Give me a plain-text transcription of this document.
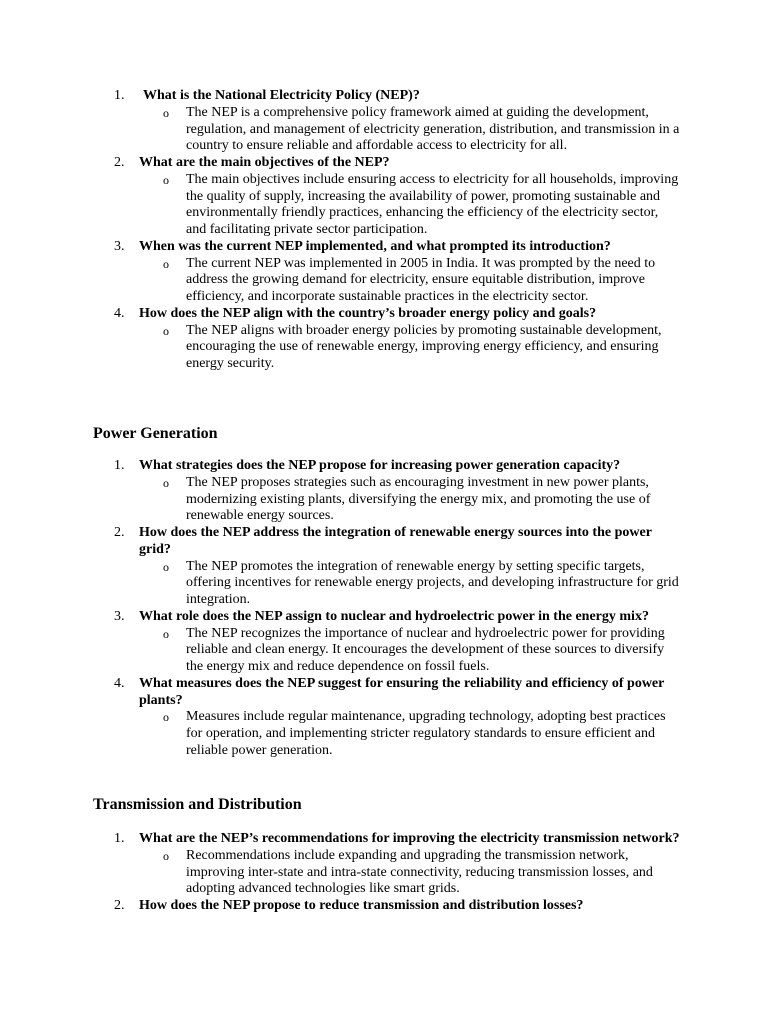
1.	What is the National Electricity Policy (NEP)?
o The NEP is a comprehensive policy framework aimed at guiding the development, regulation, and management of electricity generation, distribution, and transmission in a country to ensure reliable and affordable access to electricity for all.
2.	What are the main objectives of the NEP?
o The main objectives include ensuring access to electricity for all households, improving the quality of supply, increasing the availability of power, promoting sustainable and environmentally friendly practices, enhancing the efficiency of the electricity sector, and facilitating private sector participation.
3.	When was the current NEP implemented, and what prompted its introduction?
o The current NEP was implemented in 2005 in India. It was prompted by the need to address the growing demand for electricity, ensure equitable distribution, improve efficiency, and incorporate sustainable practices in the electricity sector.
4.	How does the NEP align with the country’s broader energy policy and goals?
o The NEP aligns with broader energy policies by promoting sustainable development, encouraging the use of renewable energy, improving energy efficiency, and ensuring energy security.
Power Generation
1.	What strategies does the NEP propose for increasing power generation capacity?
o The NEP proposes strategies such as encouraging investment in new power plants, modernizing existing plants, diversifying the energy mix, and promoting the use of renewable energy sources.
2.	How does the NEP address the integration of renewable energy sources into the power grid?
o The NEP promotes the integration of renewable energy by setting specific targets, offering incentives for renewable energy projects, and developing infrastructure for grid integration.
3.	What role does the NEP assign to nuclear and hydroelectric power in the energy mix?
o The NEP recognizes the importance of nuclear and hydroelectric power for providing reliable and clean energy. It encourages the development of these sources to diversify the energy mix and reduce dependence on fossil fuels.
4.	What measures does the NEP suggest for ensuring the reliability and efficiency of power plants?
o Measures include regular maintenance, upgrading technology, adopting best practices for operation, and implementing stricter regulatory standards to ensure efficient and reliable power generation.
Transmission and Distribution
1.	What are the NEP’s recommendations for improving the electricity transmission network?
o Recommendations include expanding and upgrading the transmission network, improving inter-state and intra-state connectivity, reducing transmission losses, and adopting advanced technologies like smart grids.
2.	How does the NEP propose to reduce transmission and distribution losses?
